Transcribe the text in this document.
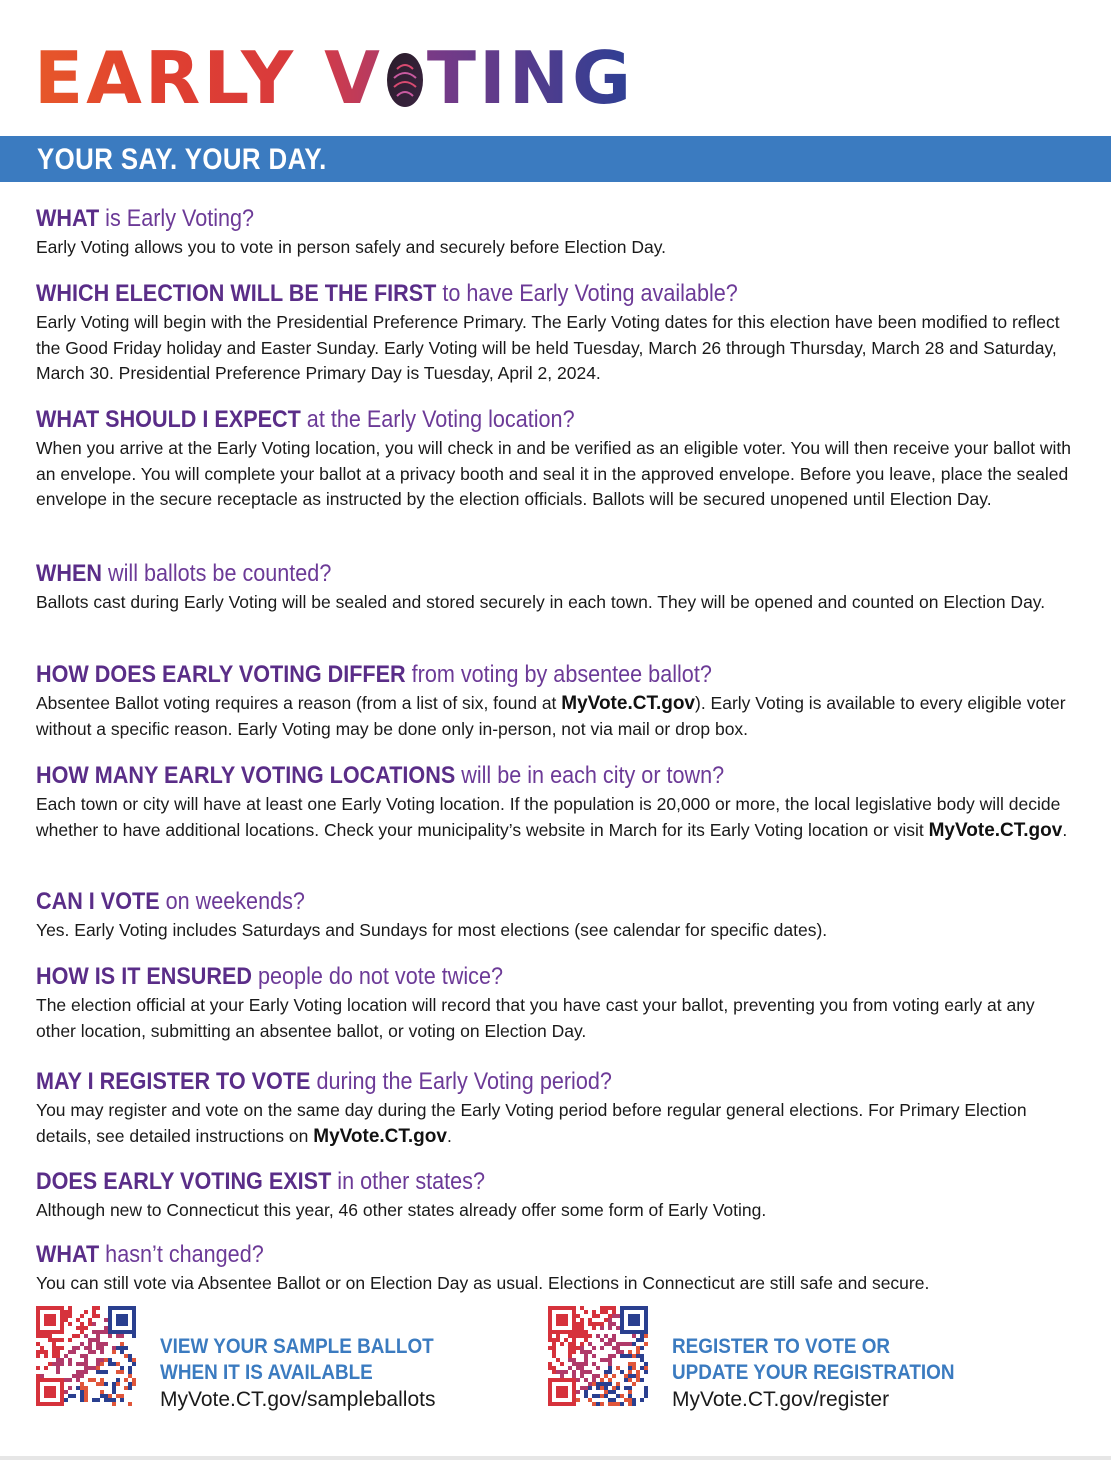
EARLY V TING
YOUR SAY. YOUR DAY.
WHAT is Early Voting?
Early Voting allows you to vote in person safely and securely before Election Day.
WHICH ELECTION WILL BE THE FIRST to have Early Voting available?
Early Voting will begin with the Presidential Preference Primary. The Early Voting dates for this election have been modified to reflect the Good Friday holiday and Easter Sunday. Early Voting will be held Tuesday, March 26 through Thursday, March 28 and Saturday, March 30. Presidential Preference Primary Day is Tuesday, April 2, 2024.
WHAT SHOULD I EXPECT at the Early Voting location?
When you arrive at the Early Voting location, you will check in and be verified as an eligible voter. You will then receive your ballot with an envelope. You will complete your ballot at a privacy booth and seal it in the approved envelope. Before you leave, place the sealed envelope in the secure receptacle as instructed by the election officials. Ballots will be secured unopened until Election Day.
WHEN will ballots be counted?
Ballots cast during Early Voting will be sealed and stored securely in each town. They will be opened and counted on Election Day.
HOW DOES EARLY VOTING DIFFER from voting by absentee ballot?
Absentee Ballot voting requires a reason (from a list of six, found at MyVote.CT.gov). Early Voting is available to every eligible voter without a specific reason. Early Voting may be done only in-person, not via mail or drop box.
HOW MANY EARLY VOTING LOCATIONS will be in each city or town?
Each town or city will have at least one Early Voting location. If the population is 20,000 or more, the local legislative body will decide whether to have additional locations. Check your municipality’s website in March for its Early Voting location or visit MyVote.CT.gov.
CAN I VOTE on weekends?
Yes. Early Voting includes Saturdays and Sundays for most elections (see calendar for specific dates).
HOW IS IT ENSURED people do not vote twice?
The election official at your Early Voting location will record that you have cast your ballot, preventing you from voting early at any other location, submitting an absentee ballot, or voting on Election Day.
MAY I REGISTER TO VOTE during the Early Voting period?
You may register and vote on the same day during the Early Voting period before regular general elections. For Primary Election details, see detailed instructions on MyVote.CT.gov.
DOES EARLY VOTING EXIST in other states?
Although new to Connecticut this year, 46 other states already offer some form of Early Voting.
WHAT hasn’t changed?
You can still vote via Absentee Ballot or on Election Day as usual. Elections in Connecticut are still safe and secure.
VIEW YOUR SAMPLE BALLOT
WHEN IT IS AVAILABLE
MyVote.CT.gov/sampleballots
REGISTER TO VOTE OR
UPDATE YOUR REGISTRATION
MyVote.CT.gov/register
